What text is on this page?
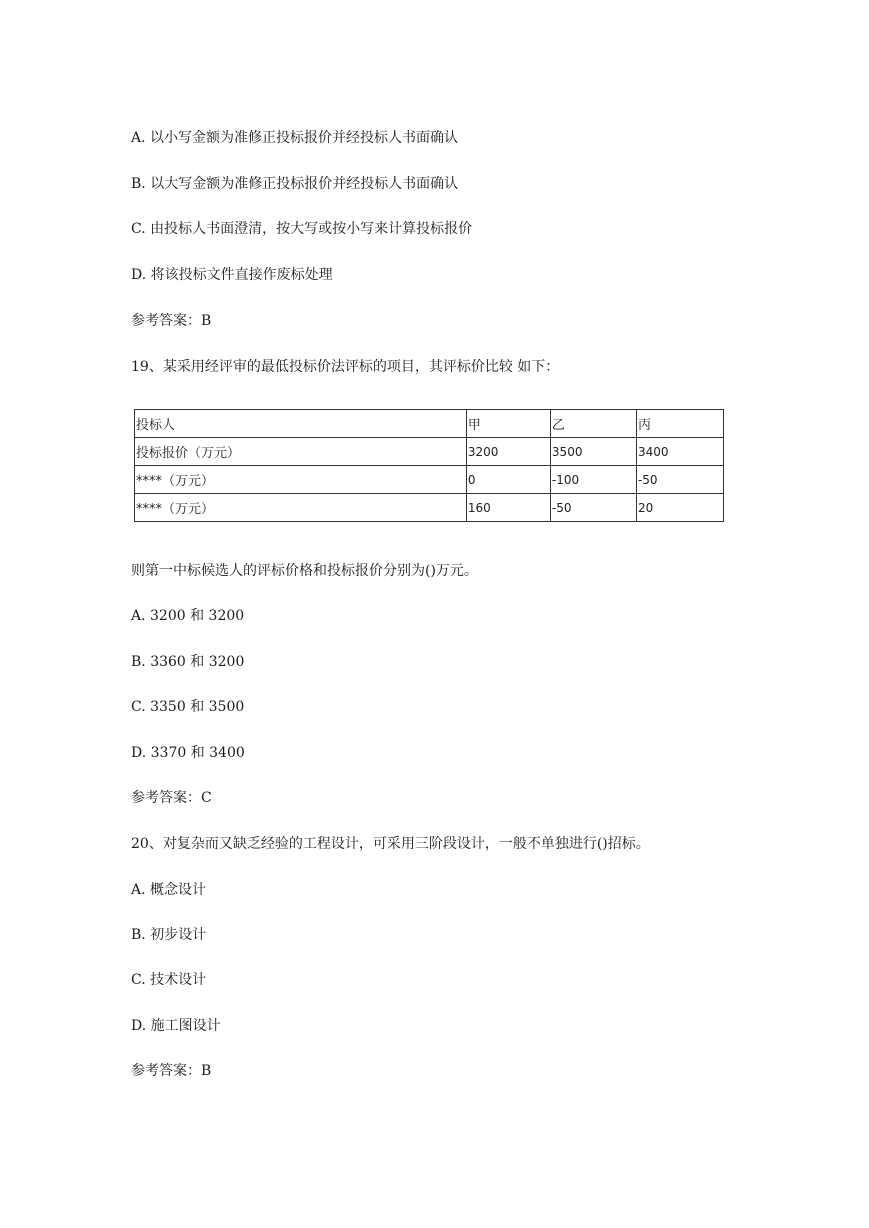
A. 以小写金额为准修正投标报价并经投标人书面确认

B. 以大写金额为准修正投标报价并经投标人书面确认

C. 由投标人书面澄清，按大写或按小写来计算投标报价

D. 将该投标文件直接作废标处理

参考答案：B

19、某采用经评审的最低投标价法评标的项目，其评标价比较 如下：

投标人	甲	乙	丙
投标报价（万元）	3200	3500	3400
****（万元）	0	-100	-50
****（万元）	160	-50	20

则第一中标候选人的评标价格和投标报价分别为()万元。

A. 3200 和 3200

B. 3360 和 3200

C. 3350 和 3500

D. 3370 和 3400

参考答案：C

20、对复杂而又缺乏经验的工程设计，可采用三阶段设计，一般不单独进行()招标。

A. 概念设计

B. 初步设计

C. 技术设计

D. 施工图设计

参考答案：B
